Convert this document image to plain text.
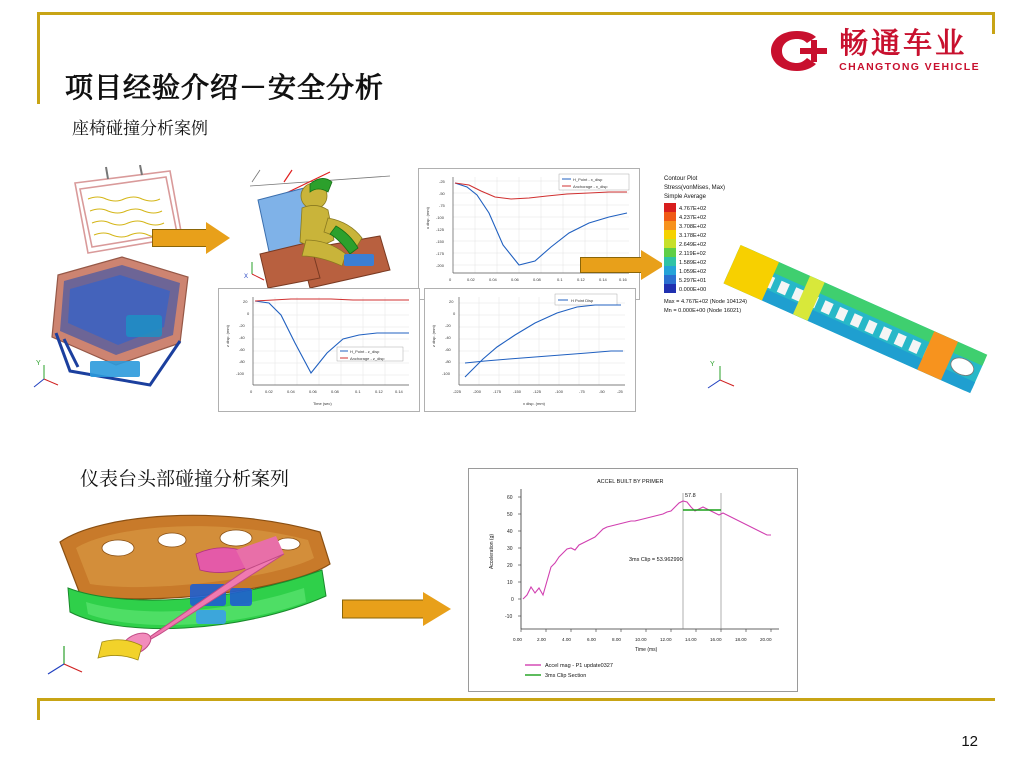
畅通车业
CHANGTONG VEHICLE
项目经验介绍－安全分析
座椅碰撞分析案例
仪表台头部碰撞分析案列
Y
X
H_Point - x_disp
Anchorage - x_disp
-25
-50
-75
-100
-125
-150
-175
-200
0	0.02	0.04	0.06	0.08	0.1	0.12	0.14	0.16
x disp. (mm)
H_Point - z_disp
Anchorage - z_disp
20
0
-20
-40
-60
-80
-100
0	0.02	0.04	0.06	0.08	0.1	0.12	0.14
Time (sec)
z disp. (mm)
H Point Disp
20
0
-20
-40
-60
-80
-100
-225	-200	-175	-150	-125	-100	-75	-50	-25
x disp. (mm)
z disp. (mm)
Contour Plot
Stress(vonMises, Max)
Simple Average
4.767E+02
4.237E+02
3.708E+02
3.178E+02
2.649E+02
2.119E+02
1.589E+02
1.059E+02
5.297E+01
0.000E+00
Max = 4.767E+02 (Node 104124)
Mn = 0.000E+00 (Node 16021)
Y
ACCEL BUILT BY PRIMER
60
50
40
30
20
10
0
-10
0.00	2.00	4.00	6.00	8.00	10.00	12.00	14.00	16.00	18.00	20.00
Time (ms)
Acceleration (g)
57.8
3ms Clip = 53.962990
Accel mag - P1 update0327
3ms Clip Section
12
